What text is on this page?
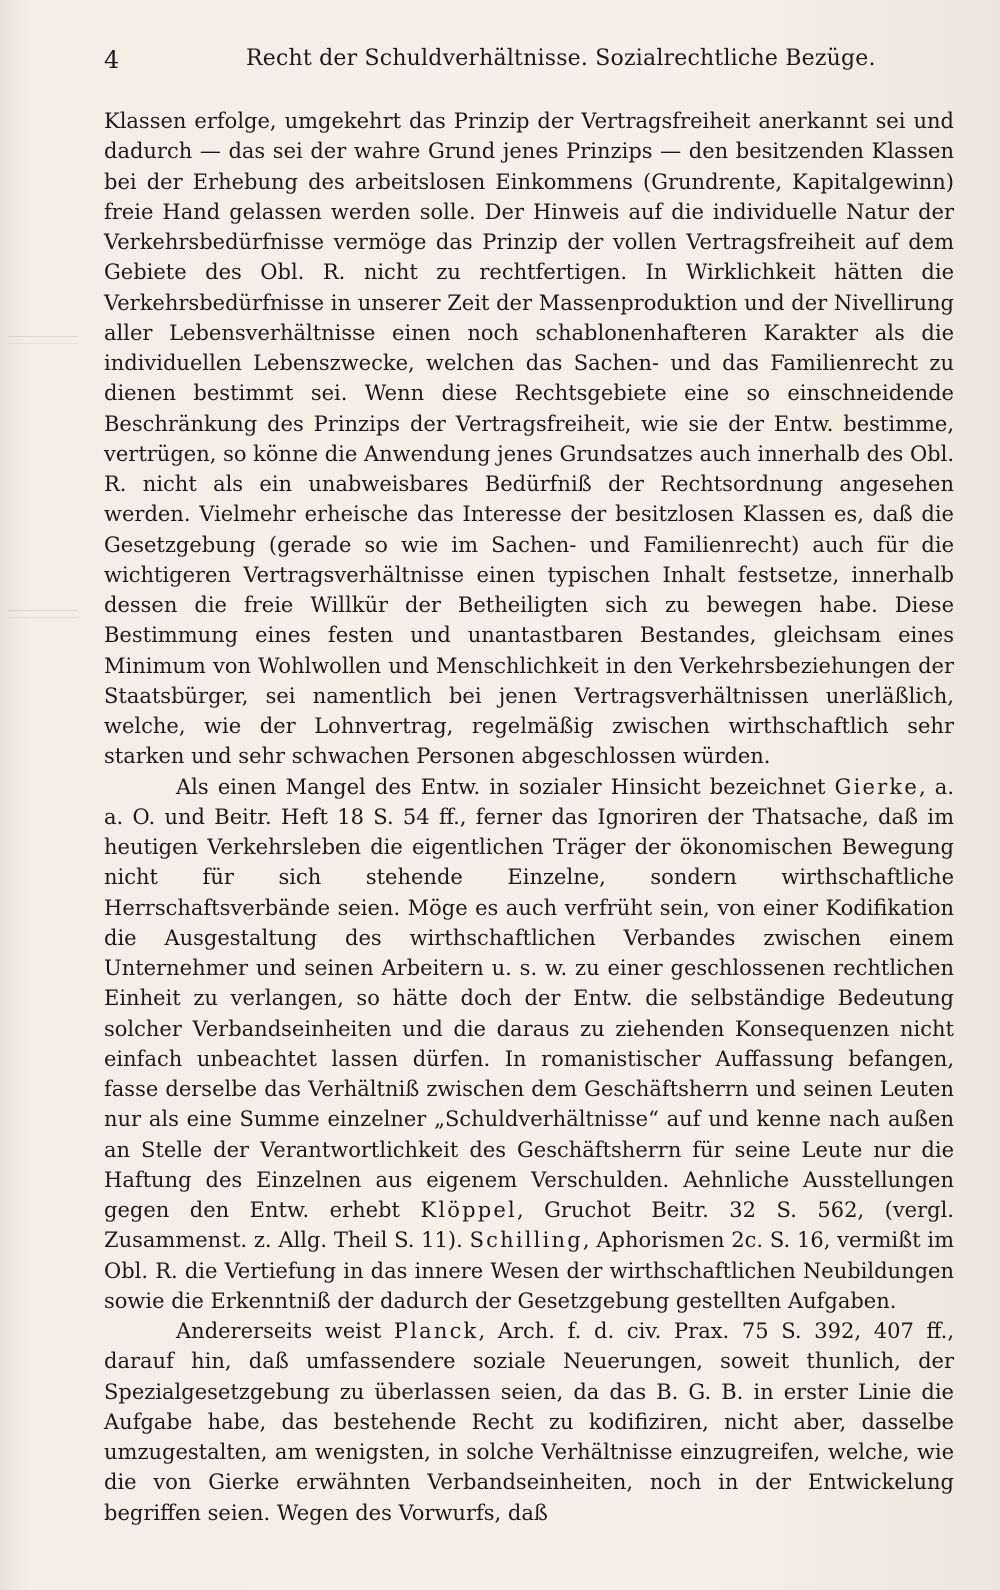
4	Recht der Schuldverhältnisse. Sozialrechtliche Bezüge.

Klassen erfolge, umgekehrt das Prinzip der Vertragsfreiheit anerkannt sei und dadurch — das sei der wahre Grund jenes Prinzips — den besitzenden Klassen bei der Erhebung des arbeitslosen Einkommens (Grundrente, Kapitalgewinn) freie Hand gelassen werden solle. Der Hinweis auf die individuelle Natur der Verkehrsbedürfnisse vermöge das Prinzip der vollen Vertragsfreiheit auf dem Gebiete des Obl. R. nicht zu rechtfertigen. In Wirklichkeit hätten die Verkehrsbedürfnisse in unserer Zeit der Massenproduktion und der Nivellirung aller Lebensverhältnisse einen noch schablonenhafteren Karakter als die individuellen Lebenszwecke, welchen das Sachen- und das Familienrecht zu dienen bestimmt sei. Wenn diese Rechtsgebiete eine so einschneidende Beschränkung des Prinzips der Vertragsfreiheit, wie sie der Entw. bestimme, vertrügen, so könne die Anwendung jenes Grundsatzes auch innerhalb des Obl. R. nicht als ein unabweisbares Bedürfniß der Rechtsordnung angesehen werden. Vielmehr erheische das Interesse der besitzlosen Klassen es, daß die Gesetzgebung (gerade so wie im Sachen- und Familienrecht) auch für die wichtigeren Vertragsverhältnisse einen typischen Inhalt festsetze, innerhalb dessen die freie Willkür der Betheiligten sich zu bewegen habe. Diese Bestimmung eines festen und unantastbaren Bestandes, gleichsam eines Minimum von Wohlwollen und Menschlichkeit in den Verkehrsbeziehungen der Staatsbürger, sei namentlich bei jenen Vertragsverhältnissen unerläßlich, welche, wie der Lohnvertrag, regelmäßig zwischen wirthschaftlich sehr starken und sehr schwachen Personen abgeschlossen würden.

Als einen Mangel des Entw. in sozialer Hinsicht bezeichnet Gierke, a. a. O. und Beitr. Heft 18 S. 54 ff., ferner das Ignoriren der Thatsache, daß im heutigen Verkehrsleben die eigentlichen Träger der ökonomischen Bewegung nicht für sich stehende Einzelne, sondern wirthschaftliche Herrschaftsverbände seien. Möge es auch verfrüht sein, von einer Kodifikation die Ausgestaltung des wirthschaftlichen Verbandes zwischen einem Unternehmer und seinen Arbeitern u. s. w. zu einer geschlossenen rechtlichen Einheit zu verlangen, so hätte doch der Entw. die selbständige Bedeutung solcher Verbandseinheiten und die daraus zu ziehenden Konsequenzen nicht einfach unbeachtet lassen dürfen. In romanistischer Auffassung befangen, fasse derselbe das Verhältniß zwischen dem Geschäftsherrn und seinen Leuten nur als eine Summe einzelner „Schuldverhältnisse“ auf und kenne nach außen an Stelle der Verantwortlichkeit des Geschäftsherrn für seine Leute nur die Haftung des Einzelnen aus eigenem Verschulden. Aehnliche Ausstellungen gegen den Entw. erhebt Klöppel, Gruchot Beitr. 32 S. 562, (vergl. Zusammenst. z. Allg. Theil S. 11). Schilling, Aphorismen 2c. S. 16, vermißt im Obl. R. die Vertiefung in das innere Wesen der wirthschaftlichen Neubildungen sowie die Erkenntniß der dadurch der Gesetzgebung gestellten Aufgaben.

Andererseits weist Planck, Arch. f. d. civ. Prax. 75 S. 392, 407 ff., darauf hin, daß umfassendere soziale Neuerungen, soweit thunlich, der Spezialgesetzgebung zu überlassen seien, da das B. G. B. in erster Linie die Aufgabe habe, das bestehende Recht zu kodifiziren, nicht aber, dasselbe umzugestalten, am wenigsten, in solche Verhältnisse einzugreifen, welche, wie die von Gierke erwähnten Verbandseinheiten, noch in der Entwickelung begriffen seien. Wegen des Vorwurfs, daß
